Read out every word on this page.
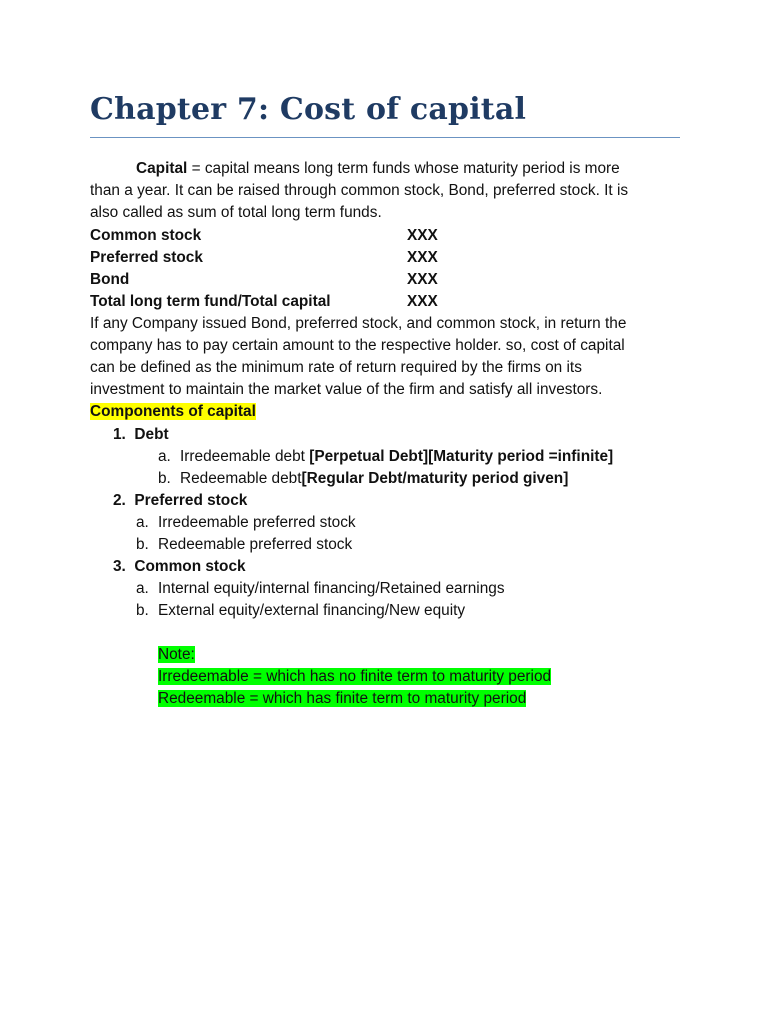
Chapter 7: Cost of capital
Capital = capital means long term funds whose maturity period is more
than a year. It can be raised through common stock, Bond, preferred stock. It is
also called as sum of total long term funds.
Common stock	XXX
Preferred stock	XXX
Bond	XXX
Total long term fund/Total capital	XXX
If any Company issued Bond, preferred stock, and common stock, in return the
company has to pay certain amount to the respective holder. so, cost of capital
can be defined as the minimum rate of return required by the firms on its
investment to maintain the market value of the firm and satisfy all investors.
Components of capital
1. Debt
a. Irredeemable debt [Perpetual Debt][Maturity period =infinite]
b. Redeemable debt[Regular Debt/maturity period given]
2. Preferred stock
a. Irredeemable preferred stock
b. Redeemable preferred stock
3. Common stock
a. Internal equity/internal financing/Retained earnings
b. External equity/external financing/New equity
Note:
Irredeemable = which has no finite term to maturity period
Redeemable = which has finite term to maturity period
